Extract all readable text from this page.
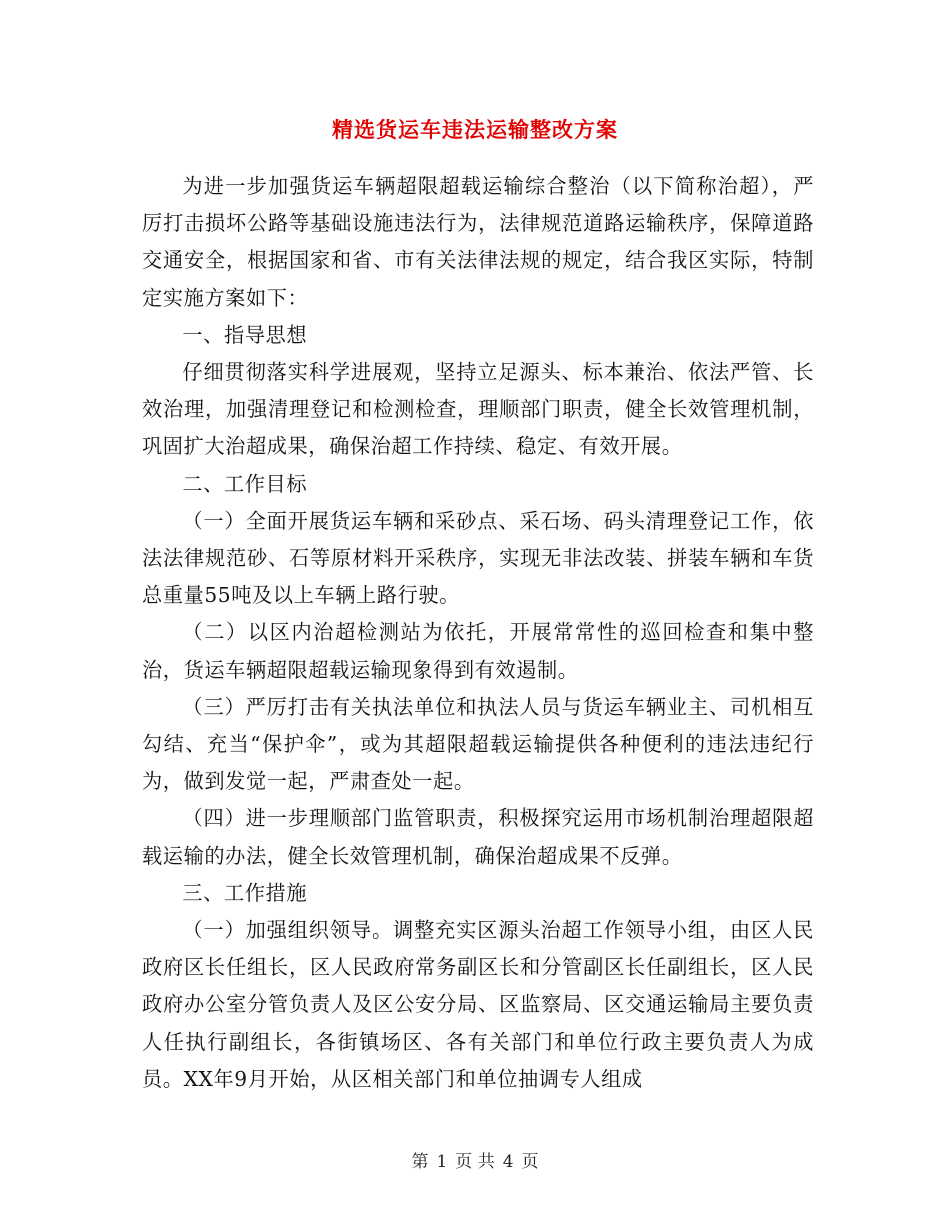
精选货运车违法运输整改方案

为进一步加强货运车辆超限超载运输综合整治（以下简称治超），严厉打击损坏公路等基础设施违法行为，法律规范道路运输秩序，保障道路交通安全，根据国家和省、市有关法律法规的规定，结合我区实际，特制定实施方案如下：

一、指导思想

仔细贯彻落实科学进展观，坚持立足源头、标本兼治、依法严管、长效治理，加强清理登记和检测检查，理顺部门职责，健全长效管理机制，巩固扩大治超成果，确保治超工作持续、稳定、有效开展。

二、工作目标

（一）全面开展货运车辆和采砂点、采石场、码头清理登记工作，依法法律规范砂、石等原材料开采秩序，实现无非法改装、拼装车辆和车货总重量55吨及以上车辆上路行驶。

（二）以区内治超检测站为依托，开展常常性的巡回检查和集中整治，货运车辆超限超载运输现象得到有效遏制。

（三）严厉打击有关执法单位和执法人员与货运车辆业主、司机相互勾结、充当“保护伞”，或为其超限超载运输提供各种便利的违法违纪行为，做到发觉一起，严肃查处一起。

（四）进一步理顺部门监管职责，积极探究运用市场机制治理超限超载运输的办法，健全长效管理机制，确保治超成果不反弹。

三、工作措施

（一）加强组织领导。调整充实区源头治超工作领导小组，由区人民政府区长任组长，区人民政府常务副区长和分管副区长任副组长，区人民政府办公室分管负责人及区公安分局、区监察局、区交通运输局主要负责人任执行副组长，各街镇场区、各有关部门和单位行政主要负责人为成员。XX年9月开始，从区相关部门和单位抽调专人组成

第 1 页 共 4 页
